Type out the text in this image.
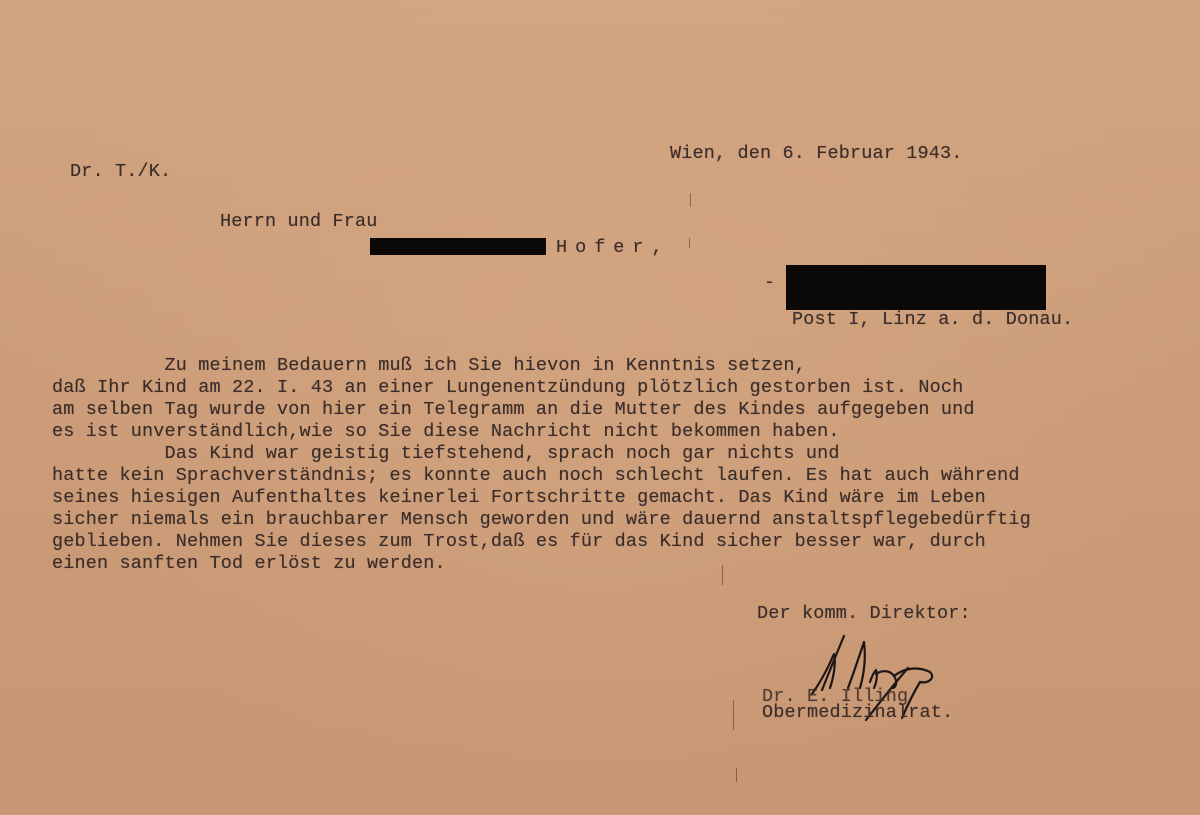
Dr. T./K.
Wien, den 6. Februar 1943.
Herrn und Frau
Hofer,
-
Post I, Linz a. d. Donau.
Zu meinem Bedauern muß ich Sie hievon in Kenntnis setzen,
daß Ihr Kind am 22. I. 43 an einer Lungenentzündung plötzlich gestorben ist. Noch
am selben Tag wurde von hier ein Telegramm an die Mutter des Kindes aufgegeben und
es ist unverständlich,wie so Sie diese Nachricht nicht bekommen haben.
Das Kind war geistig tiefstehend, sprach noch gar nichts und
hatte kein Sprachverständnis; es konnte auch noch schlecht laufen. Es hat auch während
seines hiesigen Aufenthaltes keinerlei Fortschritte gemacht. Das Kind wäre im Leben
sicher niemals ein brauchbarer Mensch geworden und wäre dauernd anstaltspflegebedürftig
geblieben. Nehmen Sie dieses zum Trost,daß es für das Kind sicher besser war, durch
einen sanften Tod erlöst zu werden.
Der komm. Direktor:
Dr. E. Illing
Obermedizinalrat.
